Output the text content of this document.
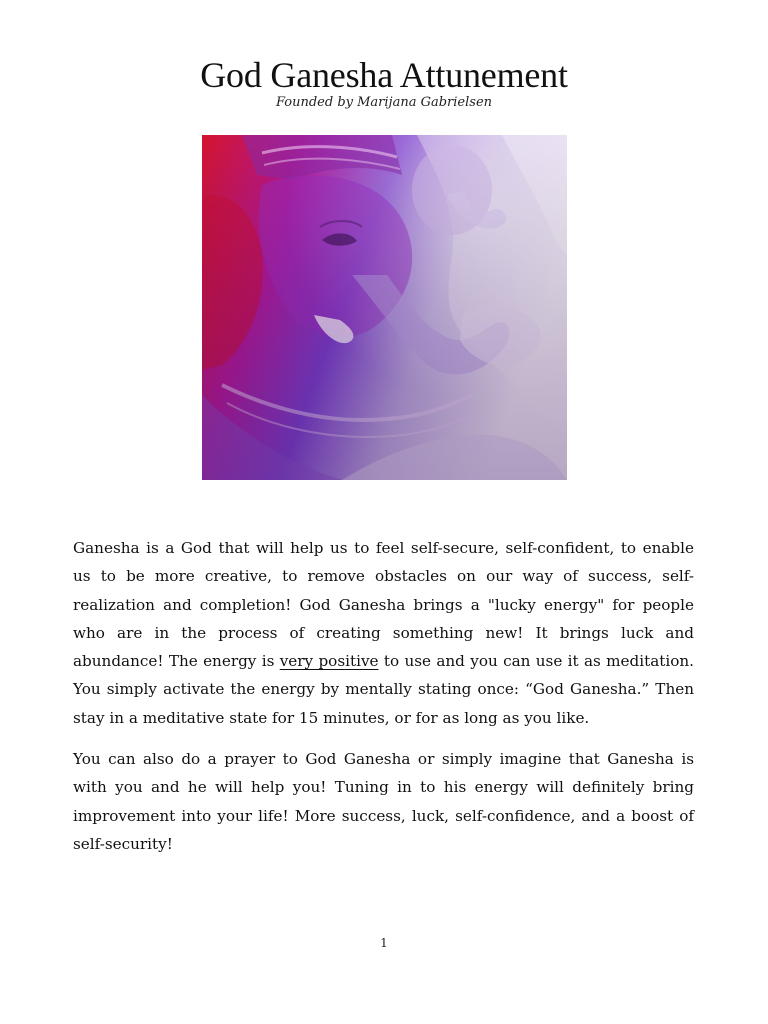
God Ganesha Attunement
Founded by Marijana Gabrielsen

Ganesha is a God that will help us to feel self-secure, self-confident, to enable us to be more creative, to remove obstacles on our way of success, self-realization and completion! God Ganesha brings a "lucky energy" for people who are in the process of creating something new! It brings luck and abundance! The energy is very positive to use and you can use it as meditation. You simply activate the energy by mentally stating once: “God Ganesha.” Then stay in a meditative state for 15 minutes, or for as long as you like.

You can also do a prayer to God Ganesha or simply imagine that Ganesha is with you and he will help you! Tuning in to his energy will definitely bring improvement into your life! More success, luck, self-confidence, and a boost of self-security!

1
